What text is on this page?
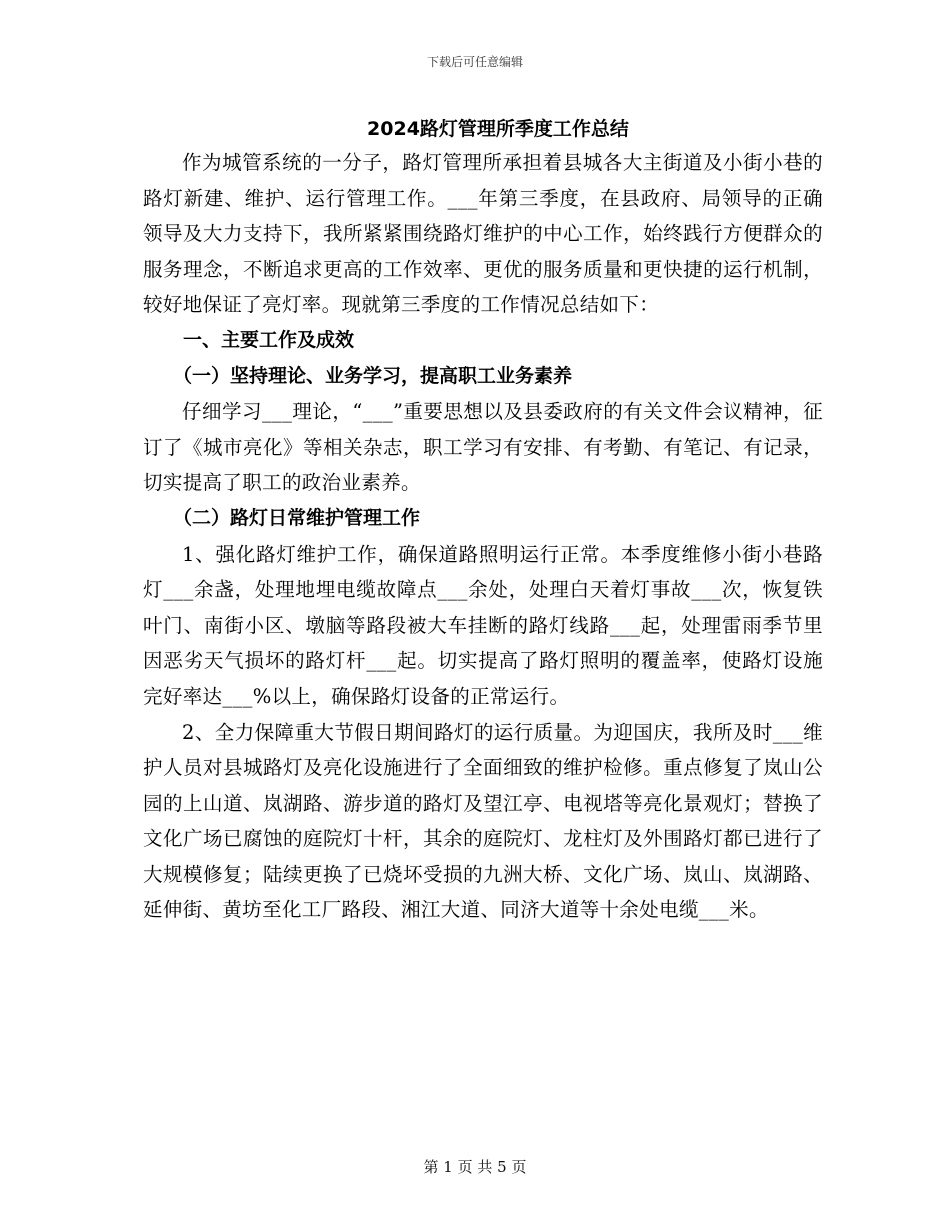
下载后可任意编辑
2024路灯管理所季度工作总结

作为城管系统的一分子，路灯管理所承担着县城各大主街道及小街小巷的路灯新建、维护、运行管理工作。___年第三季度，在县政府、局领导的正确领导及大力支持下，我所紧紧围绕路灯维护的中心工作，始终践行方便群众的服务理念，不断追求更高的工作效率、更优的服务质量和更快捷的运行机制，较好地保证了亮灯率。现就第三季度的工作情况总结如下：

一、主要工作及成效

（一）坚持理论、业务学习，提高职工业务素养

仔细学习___理论，“___”重要思想以及县委政府的有关文件会议精神，征订了《城市亮化》等相关杂志，职工学习有安排、有考勤、有笔记、有记录，切实提高了职工的政治业素养。

（二）路灯日常维护管理工作

1、强化路灯维护工作，确保道路照明运行正常。本季度维修小街小巷路灯___余盏，处理地埋电缆故障点___余处，处理白天着灯事故___次，恢复铁叶门、南街小区、墩脑等路段被大车挂断的路灯线路___起，处理雷雨季节里因恶劣天气损坏的路灯杆___起。切实提高了路灯照明的覆盖率，使路灯设施完好率达___%以上，确保路灯设备的正常运行。

2、全力保障重大节假日期间路灯的运行质量。为迎国庆，我所及时___维护人员对县城路灯及亮化设施进行了全面细致的维护检修。重点修复了岚山公园的上山道、岚湖路、游步道的路灯及望江亭、电视塔等亮化景观灯；替换了文化广场已腐蚀的庭院灯十杆，其余的庭院灯、龙柱灯及外围路灯都已进行了大规模修复；陆续更换了已烧坏受损的九洲大桥、文化广场、岚山、岚湖路、延伸街、黄坊至化工厂路段、湘江大道、同济大道等十余处电缆___米。

第 1 页 共 5 页
